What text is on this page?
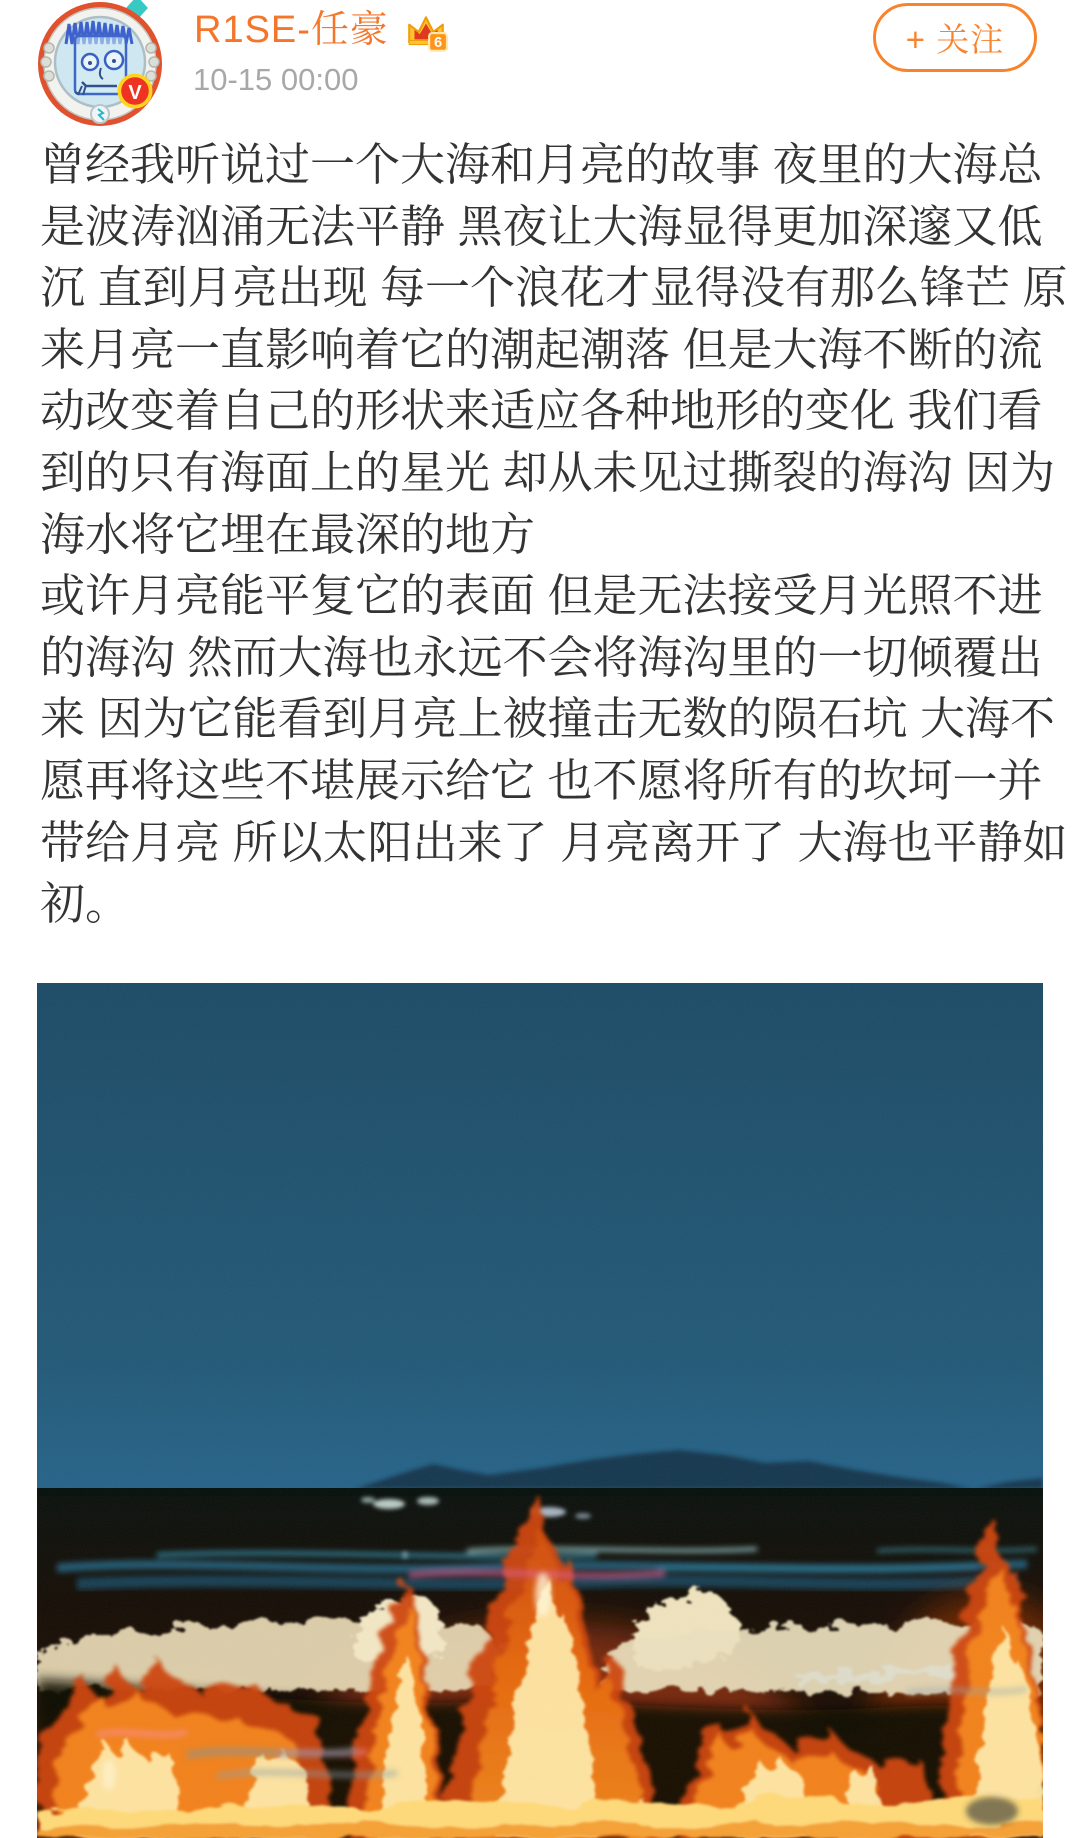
V
R1SE-任豪	6
10-15 00:00
+ 关注
曾经我听说过一个大海和月亮的故事 夜里的大海总
是波涛汹涌无法平静 黑夜让大海显得更加深邃又低
沉 直到月亮出现 每一个浪花才显得没有那么锋芒 原
来月亮一直影响着它的潮起潮落 但是大海不断的流
动改变着自己的形状来适应各种地形的变化 我们看
到的只有海面上的星光 却从未见过撕裂的海沟 因为
海水将它埋在最深的地方
或许月亮能平复它的表面 但是无法接受月光照不进
的海沟 然而大海也永远不会将海沟里的一切倾覆出
来 因为它能看到月亮上被撞击无数的陨石坑 大海不
愿再将这些不堪展示给它 也不愿将所有的坎坷一并
带给月亮 所以太阳出来了 月亮离开了 大海也平静如
初。
